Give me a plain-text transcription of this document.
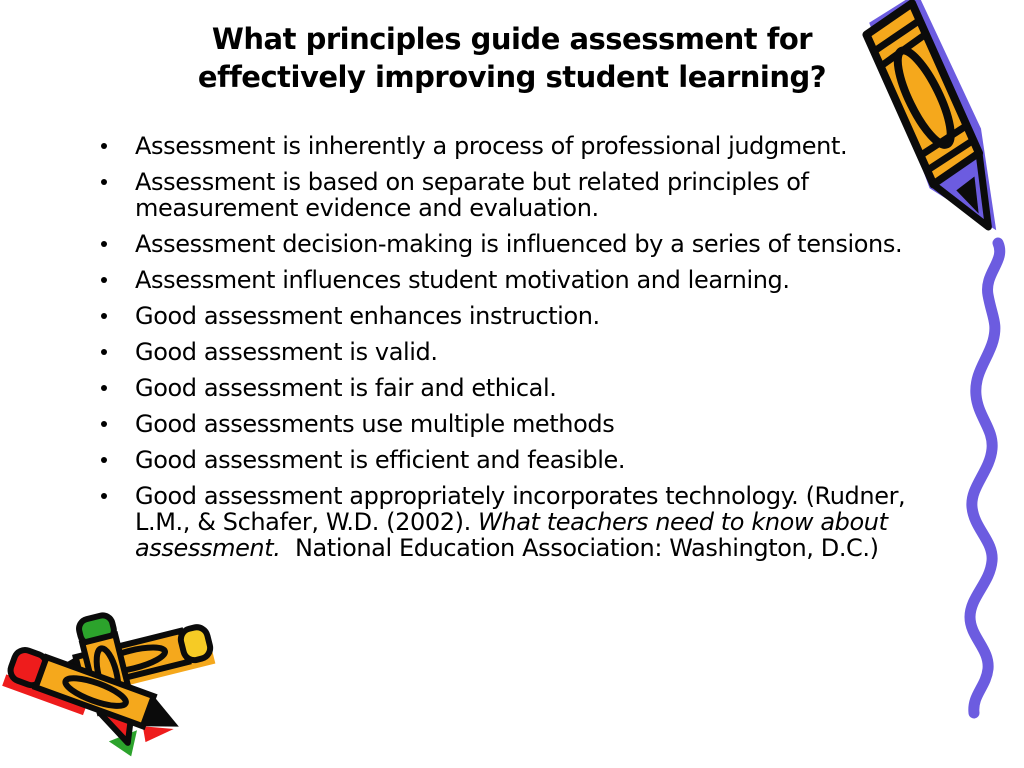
What principles guide assessment for
effectively improving student learning?
Assessment is inherently a process of professional judgment.
Assessment is based on separate but related principles of measurement evidence and evaluation.
Assessment decision-making is influenced by a series of tensions.
Assessment influences student motivation and learning.
Good assessment enhances instruction.
Good assessment is valid.
Good assessment is fair and ethical.
Good assessments use multiple methods
Good assessment is efficient and feasible.
Good assessment appropriately incorporates technology. (Rudner, L.M., & Schafer, W.D. (2002). What teachers need to know about assessment.  National Education Association: Washington, D.C.)
